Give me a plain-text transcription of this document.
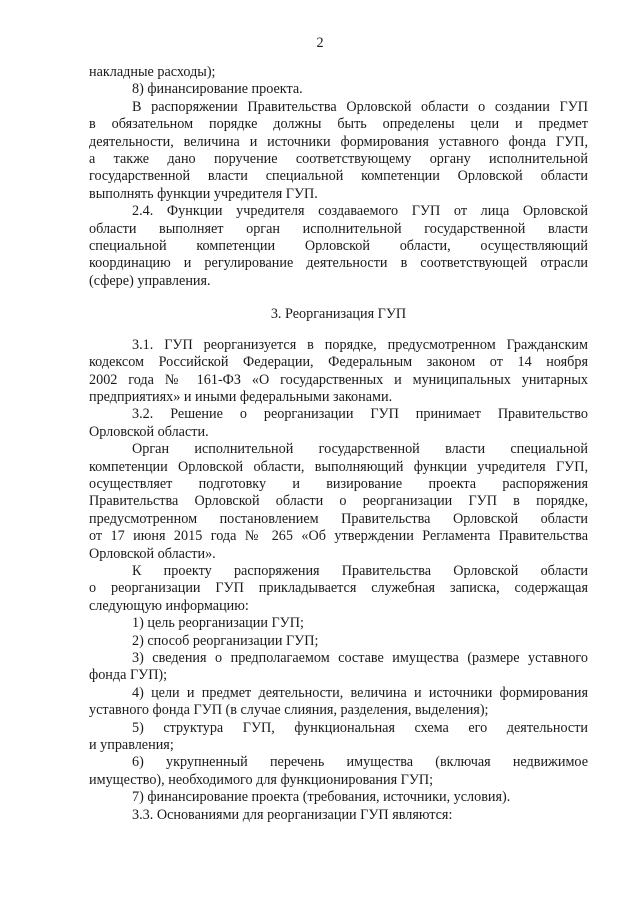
2

накладные расходы);

8) финансирование проекта.

В распоряжении Правительства Орловской области о создании ГУП

в обязательном порядке должны быть определены цели и предмет

деятельности, величина и источники формирования уставного фонда ГУП,

а также дано поручение соответствующему органу исполнительной

государственной власти специальной компетенции Орловской области

выполнять функции учредителя ГУП.

2.4. Функции учредителя создаваемого ГУП от лица Орловской

области выполняет орган исполнительной государственной власти

специальной компетенции Орловской области, осуществляющий

координацию и регулирование деятельности в соответствующей отрасли

(сфере) управления.

3. Реорганизация ГУП

3.1. ГУП реорганизуется в порядке, предусмотренном Гражданским

кодексом Российской Федерации, Федеральным законом от 14 ноября

2002 года № 161-ФЗ «О государственных и муниципальных унитарных

предприятиях» и иными федеральными законами.

3.2. Решение о реорганизации ГУП принимает Правительство

Орловской области.

Орган исполнительной государственной власти специальной

компетенции Орловской области, выполняющий функции учредителя ГУП,

осуществляет подготовку и визирование проекта распоряжения

Правительства Орловской области о реорганизации ГУП в порядке,

предусмотренном постановлением Правительства Орловской области

от 17 июня 2015 года № 265 «Об утверждении Регламента Правительства

Орловской области».

К проекту распоряжения Правительства Орловской области

о реорганизации ГУП прикладывается служебная записка, содержащая

следующую информацию:

1) цель реорганизации ГУП;

2) способ реорганизации ГУП;

3) сведения о предполагаемом составе имущества (размере уставного

фонда ГУП);

4) цели и предмет деятельности, величина и источники формирования

уставного фонда ГУП (в случае слияния, разделения, выделения);

5) структура ГУП, функциональная схема его деятельности

и управления;

6) укрупненный перечень имущества (включая недвижимое

имущество), необходимого для функционирования ГУП;

7) финансирование проекта (требования, источники, условия).

3.3. Основаниями для реорганизации ГУП являются:
